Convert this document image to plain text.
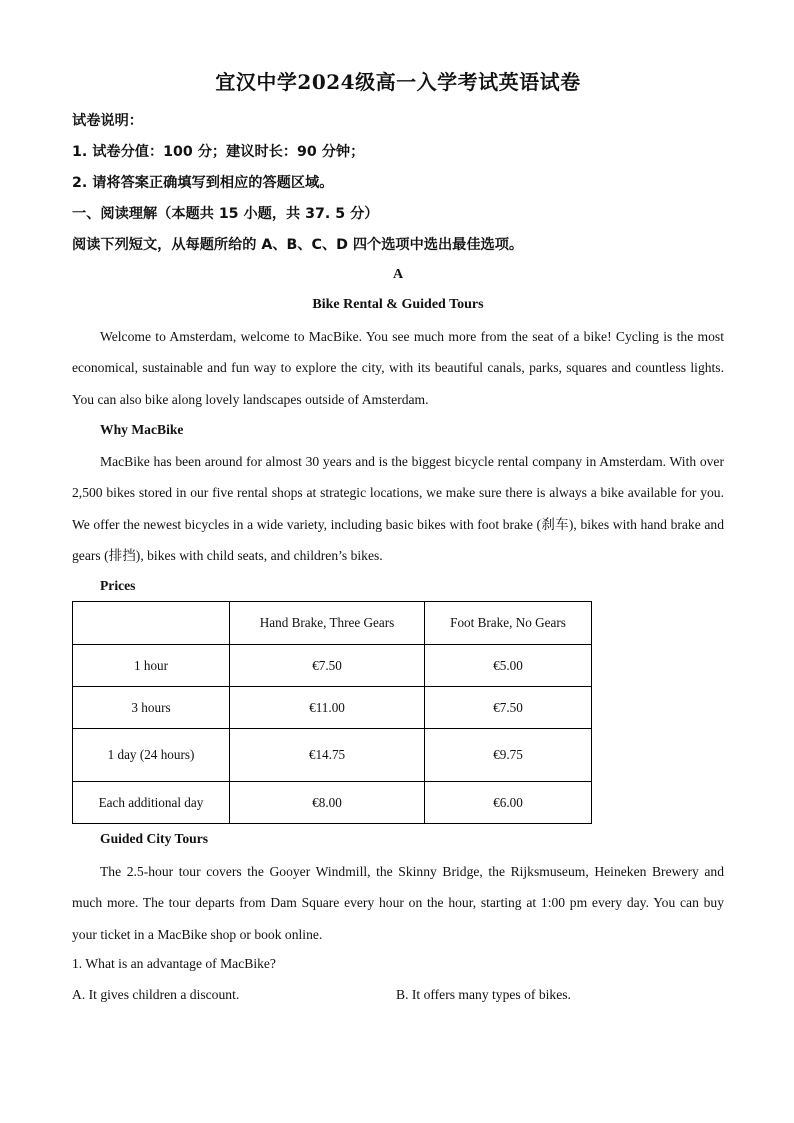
宜汉中学2024级高一入学考试英语试卷
试卷说明：
1. 试卷分值：100 分；建议时长：90 分钟；
2. 请将答案正确填写到相应的答题区域。
一、阅读理解（本题共 15 小题，共 37. 5 分）
阅读下列短文，从每题所给的 A、B、C、D 四个选项中选出最佳选项。
A
Bike Rental & Guided Tours

Welcome to Amsterdam, welcome to MacBike. You see much more from the seat of a bike! Cycling is the most economical, sustainable and fun way to explore the city, with its beautiful canals, parks, squares and countless lights. You can also bike along lovely landscapes outside of Amsterdam.

Why MacBike

MacBike has been around for almost 30 years and is the biggest bicycle rental company in Amsterdam. With over 2,500 bikes stored in our five rental shops at strategic locations, we make sure there is always a bike available for you. We offer the newest bicycles in a wide variety, including basic bikes with foot brake (刹车), bikes with hand brake and gears (排挡), bikes with child seats, and children’s bikes.

Prices
	Hand Brake, Three Gears	Foot Brake, No Gears
1 hour	€7.50	€5.00
3 hours	€11.00	€7.50
1 day (24 hours)	€14.75	€9.75
Each additional day	€8.00	€6.00
Guided City Tours

The 2.5-hour tour covers the Gooyer Windmill, the Skinny Bridge, the Rijksmuseum, Heineken Brewery and much more. The tour departs from Dam Square every hour on the hour, starting at 1:00 pm every day. You can buy your ticket in a MacBike shop or book online.

1. What is an advantage of MacBike?
A. It gives children a discount.	B. It offers many types of bikes.
